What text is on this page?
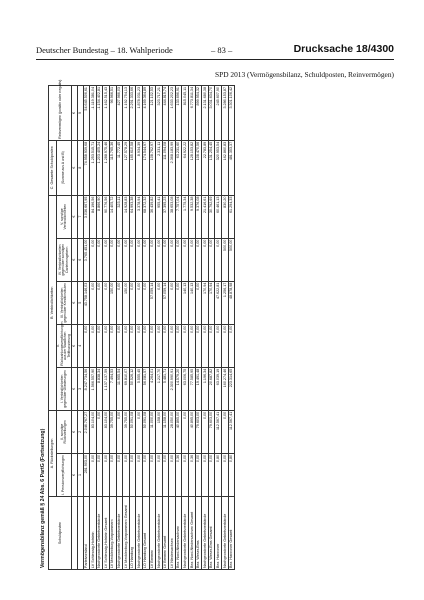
Deutscher Bundestag – 18. Wahlperiode	– 83 –	Drucksache 18/4300
SPD 2013 (Vermögensbilanz, Schuldposten, Reinvermögen)
Vermögensbilanz gemäß § 24 Abs. 6 PartG (Fortsetzung)	Schuldposten	A. Rückstellungen		B. Verbindlichkeiten					C. Gesamte Schuldposten	Reinvermögen (positiv oder negativ)
	I. Pensionsverpflichtungen	II. sonstige Rückstellungen	I. Verbindlichkeiten gegenüber Gliederungen	II. Rückzahlungsverpflichtungen aus der staatlichen Teilfinanzierung	III. Verbindlichkeiten gegenüber Kreditinstituten	IV. Verbindlichkeiten gegenüber sonstigen Darlehensgebern	V. sonstige Verbindlichkeiten	(Summe aus A und B)	
	€	€	€	€	€	€	€	€	€
	1	2	3	4	5	6	7	8	9
Parteivorstand	281.903,00	2.046.767,27	8.247.734,56	0,00	43.758.146,03	3.765.451,00	3.036.667,95	74.958.939,68	54.645.506,61
LV Schleswig-Holstein	0,00	83.104,00	1.566.557,90	0,00	0,00	0,00	84.196,56	1.253.515,71	-1.119.381,04
Nachgeordnete Gebietsverbände	0,00	0,00	8.838,34	0,00	0,00	0,00	8.866,90	1.203.405,24	-1.154.402,81
LV Schleswig-Holstein Gesamt	0,00	83.104,00	1.137.137,59	0,00	0,00	0,00	90.776,56	1.288.975,46	1.162.515,43
LV Mecklenburg-Vorpommern	0,00	39.755,00	7.494,53	0,00	150,00	0,00	14.405,72	115.765,36	96.966,51
Nachgeordnete Gebietsverbände	0,00	0,00	11.955,54	0,00	0,00	0,00	323,11	11.772,45	427.966,03
LV Mecklenburg-Vorpommern Gesamt	0,00	39.755,00	69.810,07	0,00	150,00	0,00	14.928,83	127.578,29	1.192.754,13
LO Hamburg	0,00	50.091,08	50.526,12	0,00	0,00	0,00	64.993,38	165.610,58	2.291.333,66
Nachgeordnete Gebietsverbände	0,00	0,00	5.555,45	0,00	0,00	0,00	3.378,94	8.934,39	1.878.031,23
LO Hamburg Gesamt	0,00	50.091,08	56.081,57	0,00	0,00	0,00	68.372,32	174.544,97	4.169.364,89
LV Bremen	0,00	11.000,00	4.264,01	0,00	57.059,14	0,00	36.439,82	108.762,97	121.102,53
Nachgeordnete Gebietsverbände	0,00	158,00	1.217,70	0,00	0,00	0,00	955,41	2.331,11	323.717,21
LV Bremen Gesamt	0,00	11.158,00	5.481,71	0,00	57.059,14	0,00	37.395,23	111.094,08	444.819,74
LV Niedersachsen	0,00	28.050,00	2.300.990,91	0,00	0,00	0,00	38.653,08	2.368.183,99	1.633.202,23
Bez. Nord-Niedersachsen	0,36	40.895,00	14.579,20	0,00	0,00	0,00	7.757,04	63.231,60	133.696,91
Nachgeordnete Gebietsverbände	0,00	0,00	63.006,75	0,00	140,13	0,00	1.775,34	64.922,22	815.045,11
Bez. Nord-Niedersachsen Gesamt	0,36	40.895,00	77.585,95	0,00	140,13	0,00	9.532,38	128.153,82	6.773.811,34
Bez. Weser-Ems	0,00	79.603,00	19.491,48	0,00	0,00	0,00	9.376,08	108.470,56	899.954,32
Nachgeordnete Gebietsverbände	0,00	0,00	1.196,34	0,00	170,94	0,00	21.416,61	22.783,89	2.131.680,38
Bez. Weser-Ems Gesamt	0,00	79.603,00	20.687,82	0,00	170,94	0,00	30.792,69	131.254,45	3.031.634,70
Bez. Hannover	0,80	112.567,41	63.039,19	0,00	47.622,81	0,00	60.461,13	320.953,54	245.607,90
Nachgeordnete Gebietsverbände	0,00	0,00	160.274,46	0,00	1.256,17	500,00	830,20	162.860,83	3.286.153,87
Bez. Hannover Gesamt	0,80	112.567,41	223.314,65	0,00	48.878,98	500,00	61.294,33	481.353,37	3.301.106,42
